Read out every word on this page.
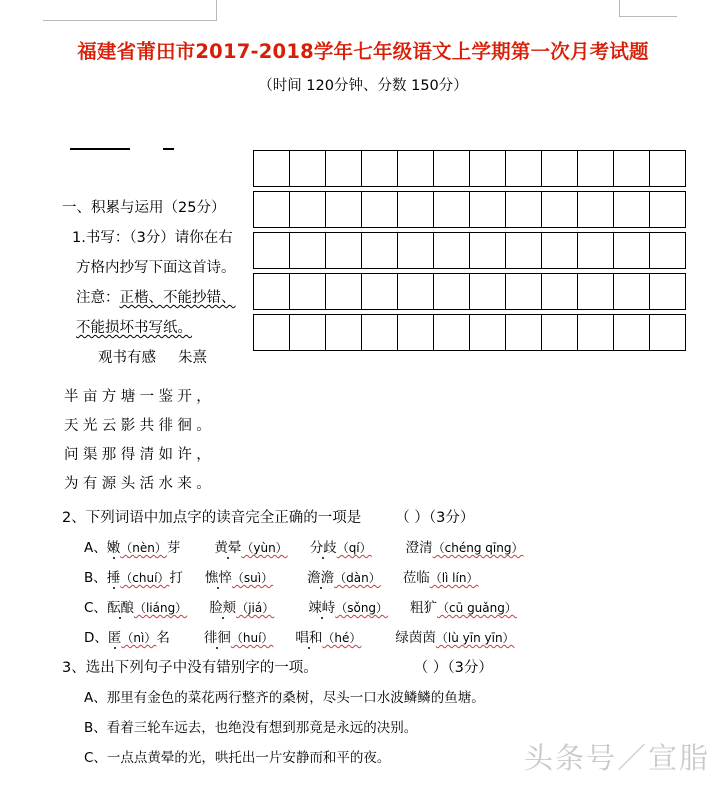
福建省莆田市2017-2018学年七年级语文上学期第一次月考试题
（时间 120分钟、分数 150分）
一、积累与运用（25分）
1.书写：（3分）请你在右
方格内抄写下面这首诗。
注意：正楷、不能抄错、
不能损坏书写纸。
观书有感 朱熹
半亩方塘一鉴开，
天光云影共徘徊。
问渠那得清如许，
为有源头活水来。

2、下列词语中加点字的读音完全正确的一项是 （ ）（3分）
A、嫩（nèn）芽	黄晕（yùn） 分歧（qí）	澄清（chéng qīng）
B、捶（chuí）打 憔悴（suì）	澹澹（dàn） 莅临（lì lín）
C、酝酿（liáng） 脸颊（jiá）	竦峙（sǒng） 粗犷（cū guǎng）
D、匿（nì）名	徘徊（huí） 唱和（hé）	绿茵茵（lù yīn yīn）
3、选出下列句子中没有错别字的一项。	（ ）（3分）
A、那里有金色的菜花两行整齐的桑树，尽头一口水波鳞鳞的鱼塘。
B、看着三轮车远去，也绝没有想到那竟是永远的决别。
C、一点点黄晕的光，哄托出一片安静而和平的夜。	头条号／宣脂
